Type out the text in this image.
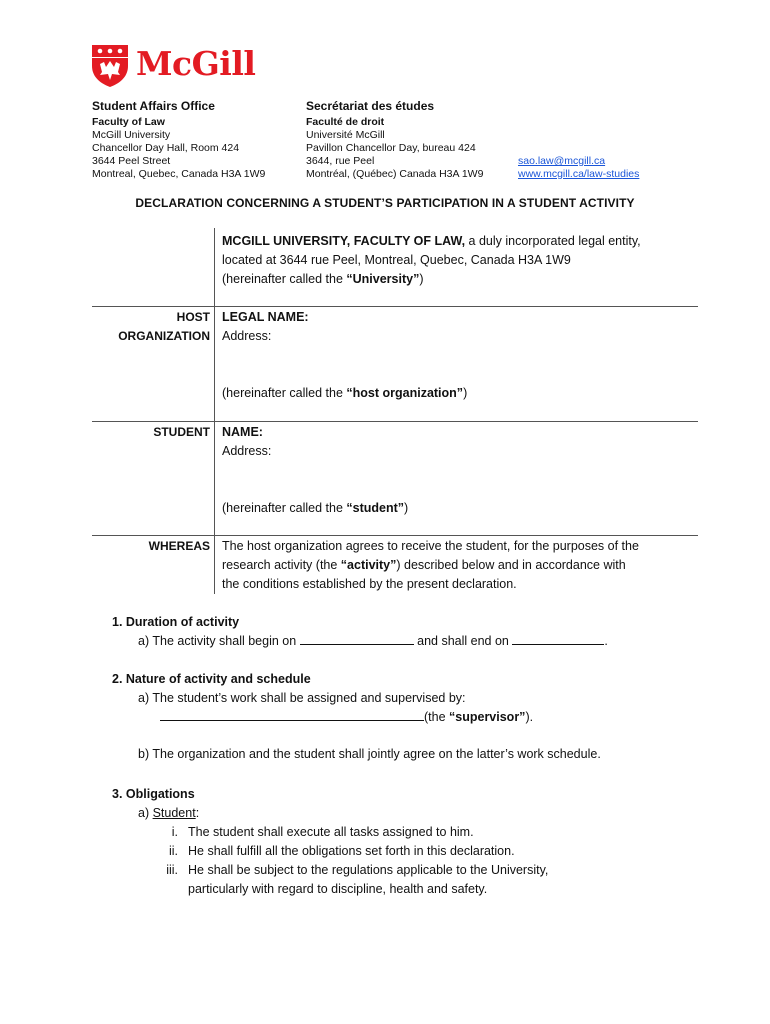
McGill
Student Affairs Office
Faculty of Law
McGill University
Chancellor Day Hall, Room 424
3644 Peel Street
Montreal, Quebec, Canada H3A 1W9
Secrétariat des études
Faculté de droit
Université McGill
Pavillon Chancellor Day, bureau 424
3644, rue Peel
Montréal, (Québec) Canada H3A 1W9
sao.law@mcgill.ca
www.mcgill.ca/law-studies
DECLARATION CONCERNING A STUDENT’S PARTICIPATION IN A STUDENT ACTIVITY
MCGILL UNIVERSITY, FACULTY OF LAW, a duly incorporated legal entity,
located at 3644 rue Peel, Montreal, Quebec, Canada H3A 1W9
(hereinafter called the “University”)
HOST
ORGANIZATION
LEGAL NAME:
Address:
(hereinafter called the “host organization”)
STUDENT NAME:
Address:
(hereinafter called the “student”)
WHEREAS The host organization agrees to receive the student, for the purposes of the
research activity (the “activity”) described below and in accordance with
the conditions established by the present declaration.
1. Duration of activity
a) The activity shall begin on	and shall end on	.
2. Nature of activity and schedule
a) The student’s work shall be assigned and supervised by:
(the “supervisor”).
b) The organization and the student shall jointly agree on the latter’s work schedule.
3. Obligations
a) Student:
i. The student shall execute all tasks assigned to him.
ii. He shall fulfill all the obligations set forth in this declaration.
iii. He shall be subject to the regulations applicable to the University,
particularly with regard to discipline, health and safety.
